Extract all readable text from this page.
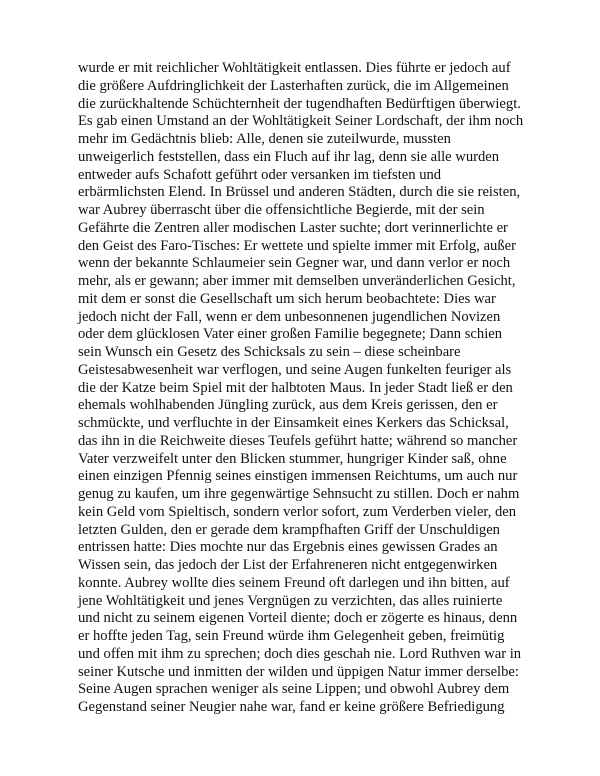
wurde er mit reichlicher Wohltätigkeit entlassen. Dies führte er jedoch auf
die größere Aufdringlichkeit der Lasterhaften zurück, die im Allgemeinen
die zurückhaltende Schüchternheit der tugendhaften Bedürftigen überwiegt.
Es gab einen Umstand an der Wohltätigkeit Seiner Lordschaft, der ihm noch
mehr im Gedächtnis blieb: Alle, denen sie zuteilwurde, mussten
unweigerlich feststellen, dass ein Fluch auf ihr lag, denn sie alle wurden
entweder aufs Schafott geführt oder versanken im tiefsten und
erbärmlichsten Elend. In Brüssel und anderen Städten, durch die sie reisten,
war Aubrey überrascht über die offensichtliche Begierde, mit der sein
Gefährte die Zentren aller modischen Laster suchte; dort verinnerlichte er
den Geist des Faro-Tisches: Er wettete und spielte immer mit Erfolg, außer
wenn der bekannte Schlaumeier sein Gegner war, und dann verlor er noch
mehr, als er gewann; aber immer mit demselben unveränderlichen Gesicht,
mit dem er sonst die Gesellschaft um sich herum beobachtete: Dies war
jedoch nicht der Fall, wenn er dem unbesonnenen jugendlichen Novizen
oder dem glücklosen Vater einer großen Familie begegnete; Dann schien
sein Wunsch ein Gesetz des Schicksals zu sein – diese scheinbare
Geistesabwesenheit war verflogen, und seine Augen funkelten feuriger als
die der Katze beim Spiel mit der halbtoten Maus. In jeder Stadt ließ er den
ehemals wohlhabenden Jüngling zurück, aus dem Kreis gerissen, den er
schmückte, und verfluchte in der Einsamkeit eines Kerkers das Schicksal,
das ihn in die Reichweite dieses Teufels geführt hatte; während so mancher
Vater verzweifelt unter den Blicken stummer, hungriger Kinder saß, ohne
einen einzigen Pfennig seines einstigen immensen Reichtums, um auch nur
genug zu kaufen, um ihre gegenwärtige Sehnsucht zu stillen. Doch er nahm
kein Geld vom Spieltisch, sondern verlor sofort, zum Verderben vieler, den
letzten Gulden, den er gerade dem krampfhaften Griff der Unschuldigen
entrissen hatte: Dies mochte nur das Ergebnis eines gewissen Grades an
Wissen sein, das jedoch der List der Erfahreneren nicht entgegenwirken
konnte. Aubrey wollte dies seinem Freund oft darlegen und ihn bitten, auf
jene Wohltätigkeit und jenes Vergnügen zu verzichten, das alles ruinierte
und nicht zu seinem eigenen Vorteil diente; doch er zögerte es hinaus, denn
er hoffte jeden Tag, sein Freund würde ihm Gelegenheit geben, freimütig
und offen mit ihm zu sprechen; doch dies geschah nie. Lord Ruthven war in
seiner Kutsche und inmitten der wilden und üppigen Natur immer derselbe:
Seine Augen sprachen weniger als seine Lippen; und obwohl Aubrey dem
Gegenstand seiner Neugier nahe war, fand er keine größere Befriedigung
